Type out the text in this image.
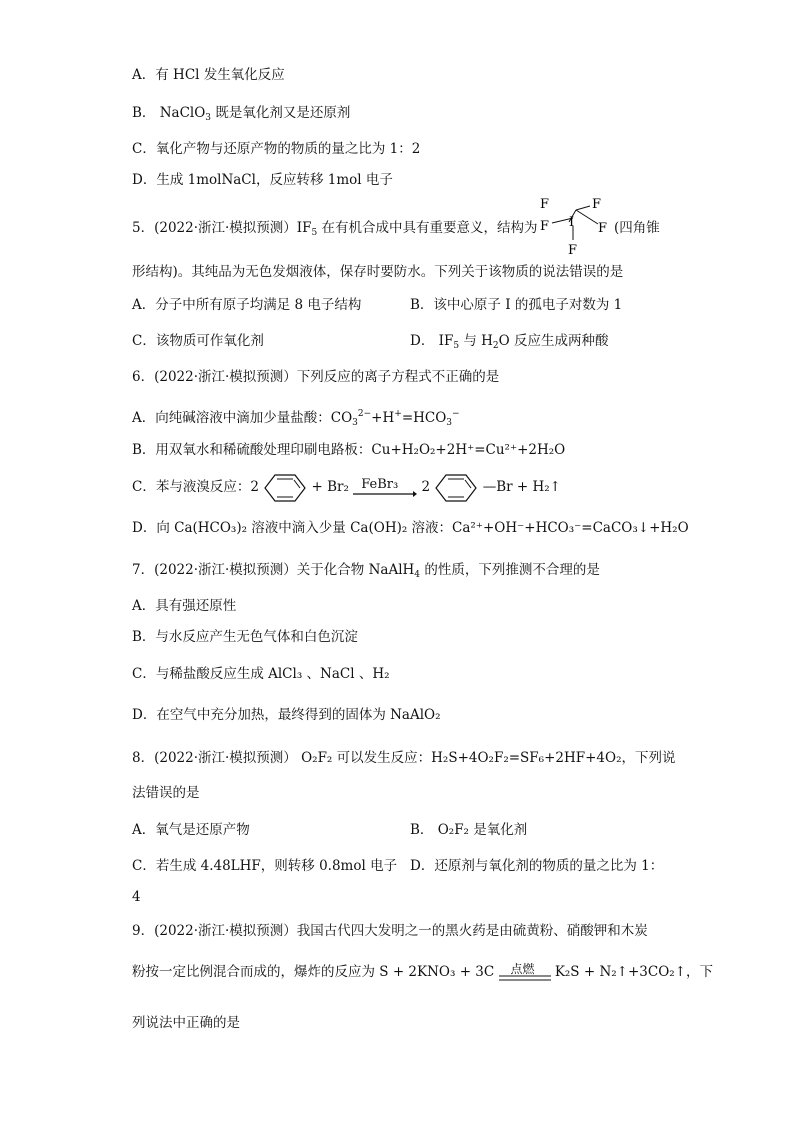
A．有 HCl 发生氧化反应
B． NaClO$_3$ 既是氧化剂又是还原剂
C．氧化产物与还原产物的物质的量之比为 1：2
D．生成 1molNaCl，反应转移 1mol 电子
5．(2022·浙江·模拟预测）$IF_5$ 在有机合成中具有重要意义，结构为	(四角锥
F	F
I
F	F
F
形结构)。其纯品为无色发烟液体，保存时要防水。下列关于该物质的说法错误的是
A．分子中所有原子均满足 8 电子结构	B．该中心原子 I 的孤电子对数为 1
C．该物质可作氧化剂	D． $IF_5$ 与 $H_2O$ 反应生成两种酸
6．(2022·浙江·模拟预测）下列反应的离子方程式不正确的是
A．向纯碱溶液中滴加少量盐酸：$CO_3^{2-}+H^+=HCO_3^-$
B．用双氧水和稀硫酸处理印刷电路板：Cu+H₂O₂+2H⁺=Cu²⁺+2H₂O
C．苯与液溴反应：2	+ Br₂ FeBr₃ 2	—Br + H₂↑
D．向 Ca(HCO₃)₂ 溶液中滴入少量 Ca(OH)₂ 溶液：Ca²⁺+OH⁻+HCO₃⁻=CaCO₃↓+H₂O
7．(2022·浙江·模拟预测）关于化合物 NaAlH$_4$ 的性质，下列推测不合理的是
A．具有强还原性
B．与水反应产生无色气体和白色沉淀
C．与稀盐酸反应生成 AlCl₃ 、NaCl 、H₂
D．在空气中充分加热，最终得到的固体为 NaAlO₂
8．(2022·浙江·模拟预测） O₂F₂ 可以发生反应：H₂S+4O₂F₂=SF₆+2HF+4O₂，下列说
法错误的是
A．氧气是还原产物	B． O₂F₂ 是氧化剂
C．若生成 4.48LHF，则转移 0.8mol 电子 D．还原剂与氧化剂的物质的量之比为 1：
4
9．(2022·浙江·模拟预测）我国古代四大发明之一的黑火药是由硫黄粉、硝酸钾和木炭
粉按一定比例混合而成的，爆炸的反应为 S + 2KNO₃ + 3C 点燃 K₂S + N₂↑+3CO₂↑，下
列说法中正确的是
